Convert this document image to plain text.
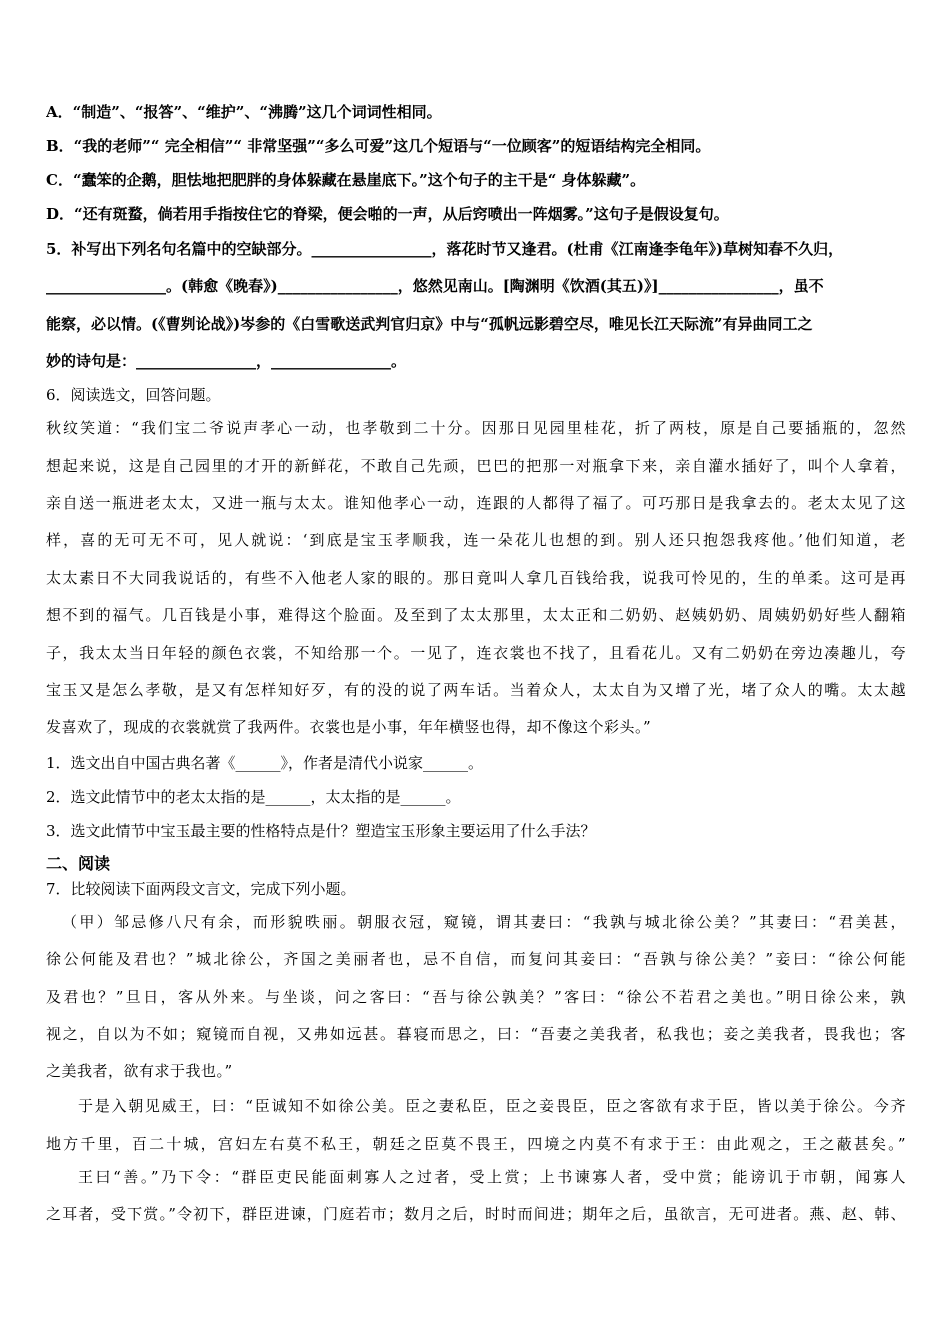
A．“制造”、“报答”、“维护”、“沸腾”这几个词词性相同。
B．“我的老师”“ 完全相信”“ 非常坚强”“多么可爱”这几个短语与“一位顾客”的短语结构完全相同。
C．“蠢笨的企鹅，胆怯地把肥胖的身体躲藏在悬崖底下。”这个句子的主干是“ 身体躲藏”。
D．“还有斑蝥，倘若用手指按住它的脊梁，便会啪的一声，从后窍喷出一阵烟雾。”这句子是假设复句。
5．补写出下列名句名篇中的空缺部分。________________，落花时节又逢君。(杜甫《江南逢李龟年》)草树知春不久归，
________________。(韩愈《晚春》)________________，悠然见南山。[陶渊明《饮酒(其五)》]________________，虽不
能察，必以情。(《曹刿论战》)岑参的《白雪歌送武判官归京》中与“孤帆远影碧空尽，唯见长江天际流”有异曲同工之
妙的诗句是：________________，________________。
6．阅读选文，回答问题。
秋纹笑道：“我们宝二爷说声孝心一动，也孝敬到二十分。因那日见园里桂花，折了两枝，原是自己要插瓶的，忽然
想起来说，这是自己园里的才开的新鲜花，不敢自己先顽，巴巴的把那一对瓶拿下来，亲自灌水插好了，叫个人拿着，
亲自送一瓶进老太太，又进一瓶与太太。谁知他孝心一动，连跟的人都得了福了。可巧那日是我拿去的。老太太见了这
样，喜的无可无不可，见人就说：‘到底是宝玉孝顺我，连一朵花儿也想的到。别人还只抱怨我疼他。’他们知道，老
太太素日不大同我说话的，有些不入他老人家的眼的。那日竟叫人拿几百钱给我，说我可怜见的，生的单柔。这可是再
想不到的福气。几百钱是小事，难得这个脸面。及至到了太太那里，太太正和二奶奶、赵姨奶奶、周姨奶奶好些人翻箱
子，我太太当日年轻的颜色衣裳，不知给那一个。一见了，连衣裳也不找了，且看花儿。又有二奶奶在旁边凑趣儿，夸
宝玉又是怎么孝敬，是又有怎样知好歹，有的没的说了两车话。当着众人，太太自为又增了光，堵了众人的嘴。太太越
发喜欢了，现成的衣裳就赏了我两件。衣裳也是小事，年年横竖也得，却不像这个彩头。”
1．选文出自中国古典名著《______》，作者是清代小说家______。
2．选文此情节中的老太太指的是______，太太指的是______。
3．选文此情节中宝玉最主要的性格特点是什？塑造宝玉形象主要运用了什么手法？
二、阅读
7．比较阅读下面两段文言文，完成下列小题。
（甲）邹忌修八尺有余，而形貌昳丽。朝服衣冠，窥镜，谓其妻曰：“我孰与城北徐公美？”其妻曰：“君美甚，
徐公何能及君也？”城北徐公，齐国之美丽者也，忌不自信，而复问其妾曰：“吾孰与徐公美？”妾曰：“徐公何能
及君也？”旦日，客从外来。与坐谈，问之客曰：“吾与徐公孰美？”客曰：“徐公不若君之美也。”明日徐公来，孰
视之，自以为不如；窥镜而自视，又弗如远甚。暮寝而思之，曰：“吾妻之美我者，私我也；妾之美我者，畏我也；客
之美我者，欲有求于我也。”
于是入朝见威王，曰：“臣诚知不如徐公美。臣之妻私臣，臣之妾畏臣，臣之客欲有求于臣，皆以美于徐公。今齐
地方千里，百二十城，宫妇左右莫不私王，朝廷之臣莫不畏王，四境之内莫不有求于王：由此观之，王之蔽甚矣。”
王曰“善。”乃下令：“群臣吏民能面刺寡人之过者，受上赏；上书谏寡人者，受中赏；能谤讥于市朝，闻寡人
之耳者，受下赏。”令初下，群臣进谏，门庭若市；数月之后，时时而间进；期年之后，虽欲言，无可进者。燕、赵、韩、
